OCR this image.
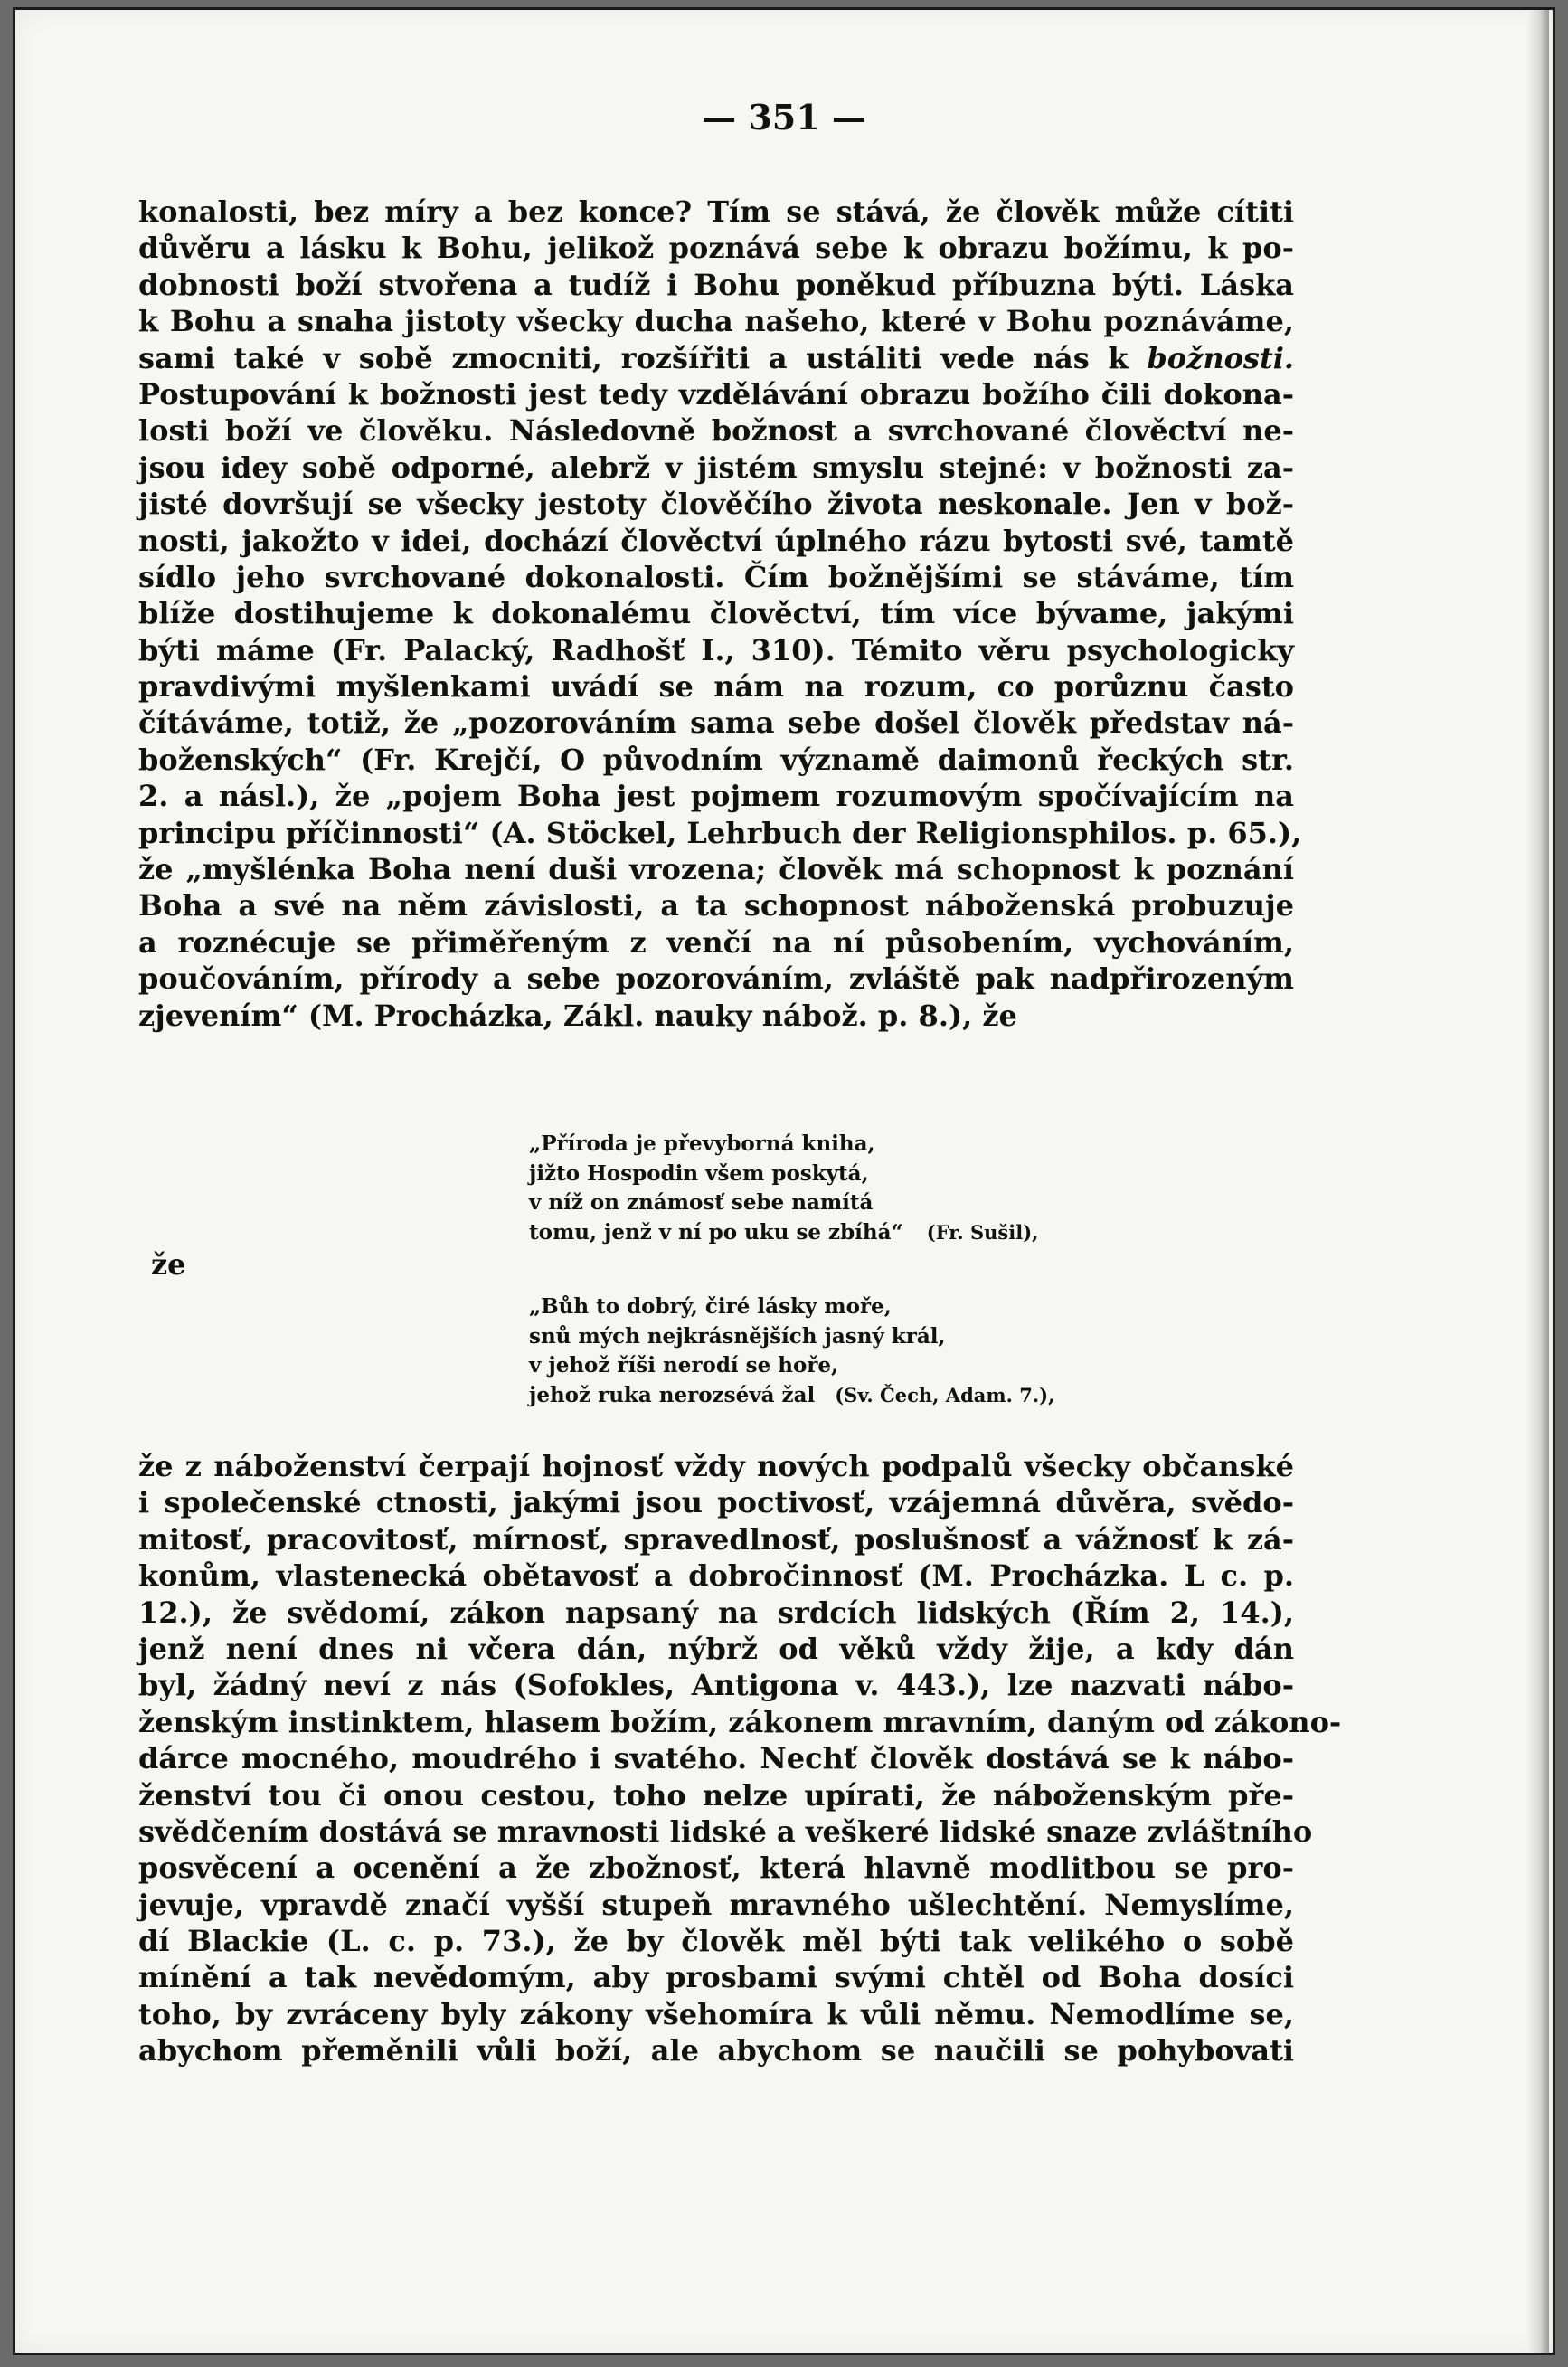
— 351 —
konalosti, bez míry a bez konce? Tím se stává, že člověk může cítiti
důvěru a lásku k Bohu, jelikož poznává sebe k obrazu božímu, k po-
dobnosti boží stvořena a tudíž i Bohu poněkud příbuzna býti. Láska
k Bohu a snaha jistoty všecky ducha našeho, které v Bohu poznáváme,
sami také v sobě zmocniti, rozšířiti a ustáliti vede nás k božnosti.
Postupování k božnosti jest tedy vzdělávání obrazu božího čili dokona-
losti boží ve člověku. Následovně božnost a svrchované člověctví ne-
jsou idey sobě odporné, alebrž v jistém smyslu stejné: v božnosti za-
jisté dovršují se všecky jestoty člověčího života neskonale. Jen v bož-
nosti, jakožto v idei, dochází člověctví úplného rázu bytosti své, tamtě
sídlo jeho svrchované dokonalosti. Čím božnějšími se stáváme, tím
blíže dostihujeme k dokonalému člověctví, tím více bývame, jakými
býti máme (Fr. Palacký, Radhošť I., 310). Témito věru psychologicky
pravdivými myšlenkami uvádí se nám na rozum, co porůznu často
čítáváme, totiž, že „pozorováním sama sebe došel člověk představ ná-
boženských“ (Fr. Krejčí, O původním významě daimonů řeckých str.
2. a násl.), že „pojem Boha jest pojmem rozumovým spočívajícím na
principu příčinnosti“ (A. Stöckel, Lehrbuch der Religionsphilos. p. 65.),
že „myšlénka Boha není duši vrozena; člověk má schopnost k poznání
Boha a své na něm závislosti, a ta schopnost náboženská probuzuje
a roznécuje se přiměřeným z venčí na ní působením, vychováním,
poučováním, přírody a sebe pozorováním, zvláště pak nadpřirozeným
zjevením“ (M. Procházka, Zákl. nauky nábož. p. 8.), že
„Příroda je převyborná kniha,
jižto Hospodin všem poskytá,
v níž on známosť sebe namítá
tomu, jenž v ní po uku se zbíhá“ (Fr. Sušil),
že
„Bůh to dobrý, čiré lásky moře,
snů mých nejkrásnějších jasný král,
v jehož říši nerodí se hoře,
jehož ruka nerozsévá žal (Sv. Čech, Adam. 7.),
že z náboženství čerpají hojnosť vždy nových podpalů všecky občanské
i společenské ctnosti, jakými jsou poctivosť, vzájemná důvěra, svědo-
mitosť, pracovitosť, mírnosť, spravedlnosť, poslušnosť a vážnosť k zá-
konům, vlastenecká obětavosť a dobročinnosť (M. Procházka. L c. p.
12.), že svědomí, zákon napsaný na srdcích lidských (Řím 2, 14.),
jenž není dnes ni včera dán, nýbrž od věků vždy žije, a kdy dán
byl, žádný neví z nás (Sofokles, Antigona v. 443.), lze nazvati nábo-
ženským instinktem, hlasem božím, zákonem mravním, daným od zákono-
dárce mocného, moudrého i svatého. Nechť člověk dostává se k nábo-
ženství tou či onou cestou, toho nelze upírati, že náboženským pře-
svědčením dostává se mravnosti lidské a veškeré lidské snaze zvláštního
posvěcení a ocenění a že zbožnosť, která hlavně modlitbou se pro-
jevuje, vpravdě značí vyšší stupeň mravného ušlechtění. Nemyslíme,
dí Blackie (L. c. p. 73.), že by člověk měl býti tak velikého o sobě
mínění a tak nevědomým, aby prosbami svými chtěl od Boha dosíci
toho, by zvráceny byly zákony všehomíra k vůli němu. Nemodlíme se,
abychom přeměnili vůli boží, ale abychom se naučili se pohybovati
